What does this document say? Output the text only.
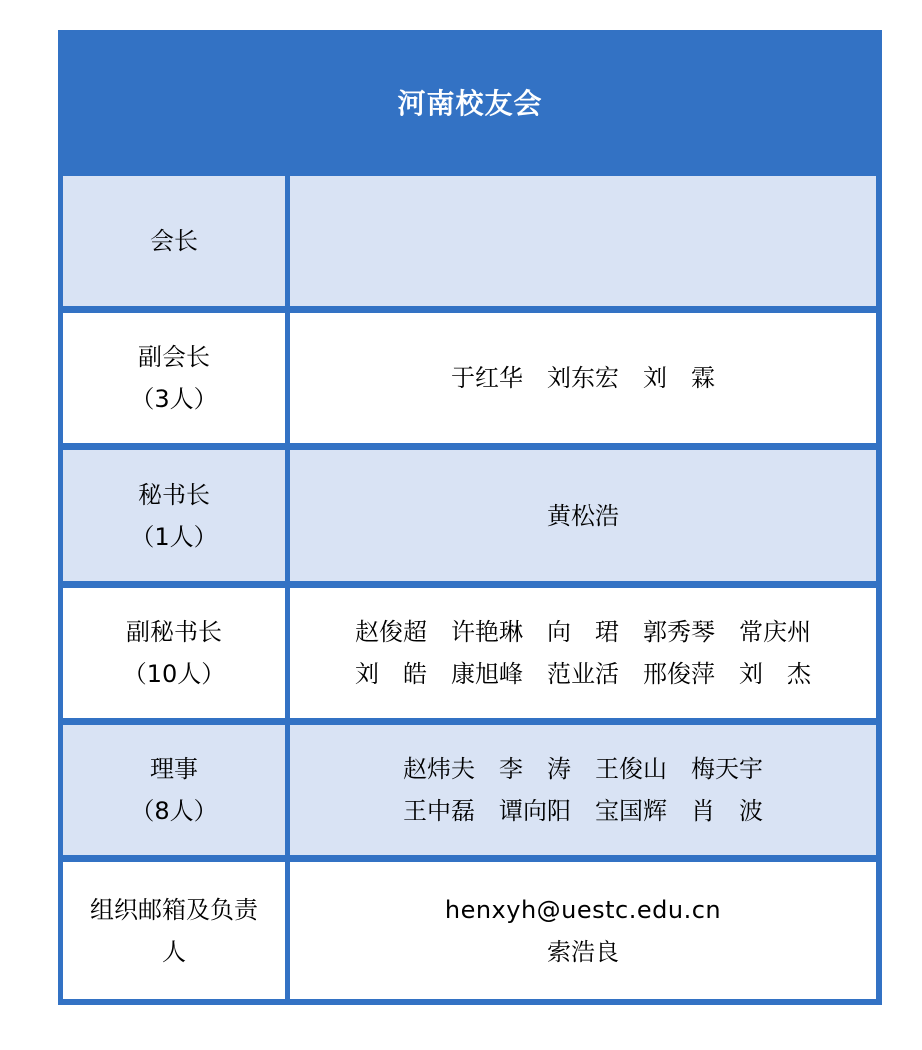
河南校友会
会长
副会长
（3人）
于红华　刘东宏　刘　霖
秘书长
（1人）
黄松浩
副秘书长
（10人）
赵俊超　许艳琳　向　珺　郭秀琴　常庆州
刘　皓　康旭峰　范业活　邢俊萍　刘　杰
理事
（8人）
赵炜夫　李　涛　王俊山　梅天宇
王中磊　谭向阳　宝国辉　肖　波
组织邮箱及负责
人
henxyh@uestc.edu.cn
索浩良
